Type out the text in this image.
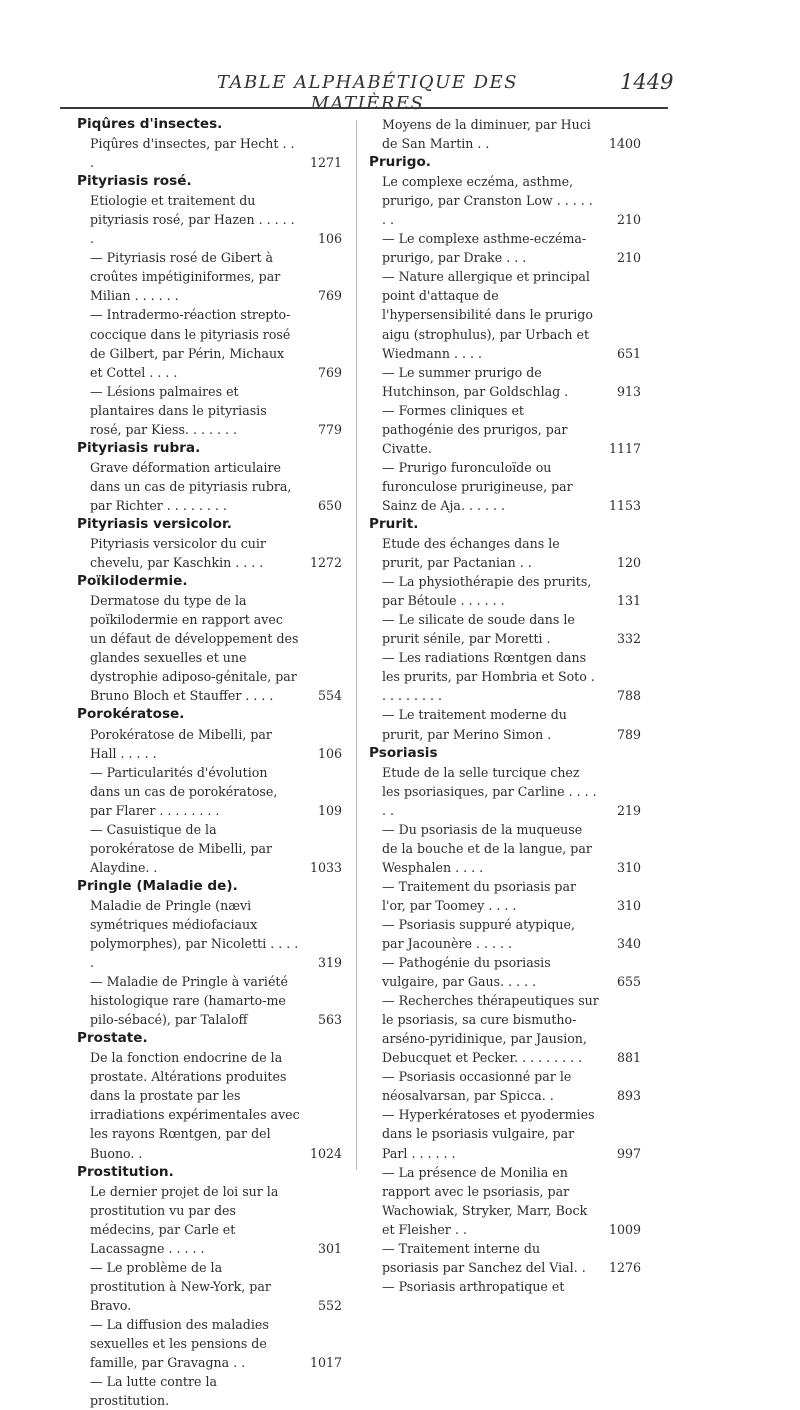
TABLE ALPHABÉTIQUE DES MATIÈRES
1449
Piqûres d'insectes.
Piqûres d'insectes, par Hecht . . .	1271
Pityriasis rosé.
Etiologie et traitement du pityriasis rosé, par Hazen . . . . . .	106
— Pityriasis rosé de Gibert à croûtes impétiginiformes, par Milian . . . . . .	769
— Intradermo-réaction strepto-coccique dans le pityriasis rosé de Gilbert, par Périn, Michaux et Cottel . . . .	769
— Lésions palmaires et plantaires dans le pityriasis rosé, par Kiess. . . . . . .	779
Pityriasis rubra.
Grave déformation articulaire dans un cas de pityriasis rubra, par Richter . . . . . . . .	650
Pityriasis versicolor.
Pityriasis versicolor du cuir chevelu, par Kaschkin . . . .	1272
Poïkilodermie.
Dermatose du type de la poïkilodermie en rapport avec un défaut de développement des glandes sexuelles et une dystrophie adiposo-génitale, par Bruno Bloch et Stauffer . . . .	554
Porokératose.
Porokératose de Mibelli, par Hall . . . . .	106
— Particularités d'évolution dans un cas de porokératose, par Flarer . . . . . . . .	109
— Casuistique de la porokératose de Mibelli, par Alaydine. .	1033
Pringle (Maladie de).
Maladie de Pringle (nævi symétriques médiofaciaux polymorphes), par Nicoletti . . . . .	319
— Maladie de Pringle à variété histologique rare (hamarto-me pilo-sébacé), par Talaloff	563
Prostate.
De la fonction endocrine de la prostate. Altérations produites dans la prostate par les irradiations expérimentales avec les rayons Rœntgen, par del Buono. .	1024
Prostitution.
Le dernier projet de loi sur la prostitution vu par des médecins, par Carle et Lacassagne . . . . .	301
— Le problème de la prostitution à New-York, par Bravo.	552
— La diffusion des maladies sexuelles et les pensions de famille, par Gravagna . .	1017
— La lutte contre la prostitution.
Moyens de la diminuer, par Huci de San Martin . .	1400
Prurigo.
Le complexe eczéma, asthme, prurigo, par Cranston Low . . . . . . .	210
— Le complexe asthme-eczéma-prurigo, par Drake . . .	210
— Nature allergique et principal point d'attaque de l'hypersensibilité dans le prurigo aigu (strophulus), par Urbach et Wiedmann . . . .	651
— Le summer prurigo de Hutchinson, par Goldschlag .	913
— Formes cliniques et pathogénie des prurigos, par Civatte.	1117
— Prurigo furonculoïde ou furonculose prurigineuse, par Sainz de Aja. . . . . .	1153
Prurit.
Etude des échanges dans le prurit, par Pactanian . .	120
— La physiothérapie des prurits, par Bétoule . . . . . .	131
— Le silicate de soude dans le prurit sénile, par Moretti .	332
— Les radiations Rœntgen dans les prurits, par Hombria et Soto . . . . . . . . .	788
— Le traitement moderne du prurit, par Merino Simon .	789
Psoriasis
Etude de la selle turcique chez les psoriasiques, par Carline . . . . . .	219
— Du psoriasis de la muqueuse de la bouche et de la langue, par Wesphalen . . . .	310
— Traitement du psoriasis par l'or, par Toomey . . . .	310
— Psoriasis suppuré atypique, par Jacounère . . . . .	340
— Pathogénie du psoriasis vulgaire, par Gaus. . . . .	655
— Recherches thérapeutiques sur le psoriasis, sa cure bismutho-arséno-pyridinique, par Jausion, Debucquet et Pecker. . . . . . . . .	881
— Psoriasis occasionné par le néosalvarsan, par Spicca. .	893
— Hyperkératoses et pyodermies dans le psoriasis vulgaire, par Parl . . . . . .	997
— La présence de Monilia en rapport avec le psoriasis, par Wachowiak, Stryker, Marr, Bock et Fleisher . .	1009
— Traitement interne du psoriasis par Sanchez del Vial. .	1276
— Psoriasis arthropatique et
